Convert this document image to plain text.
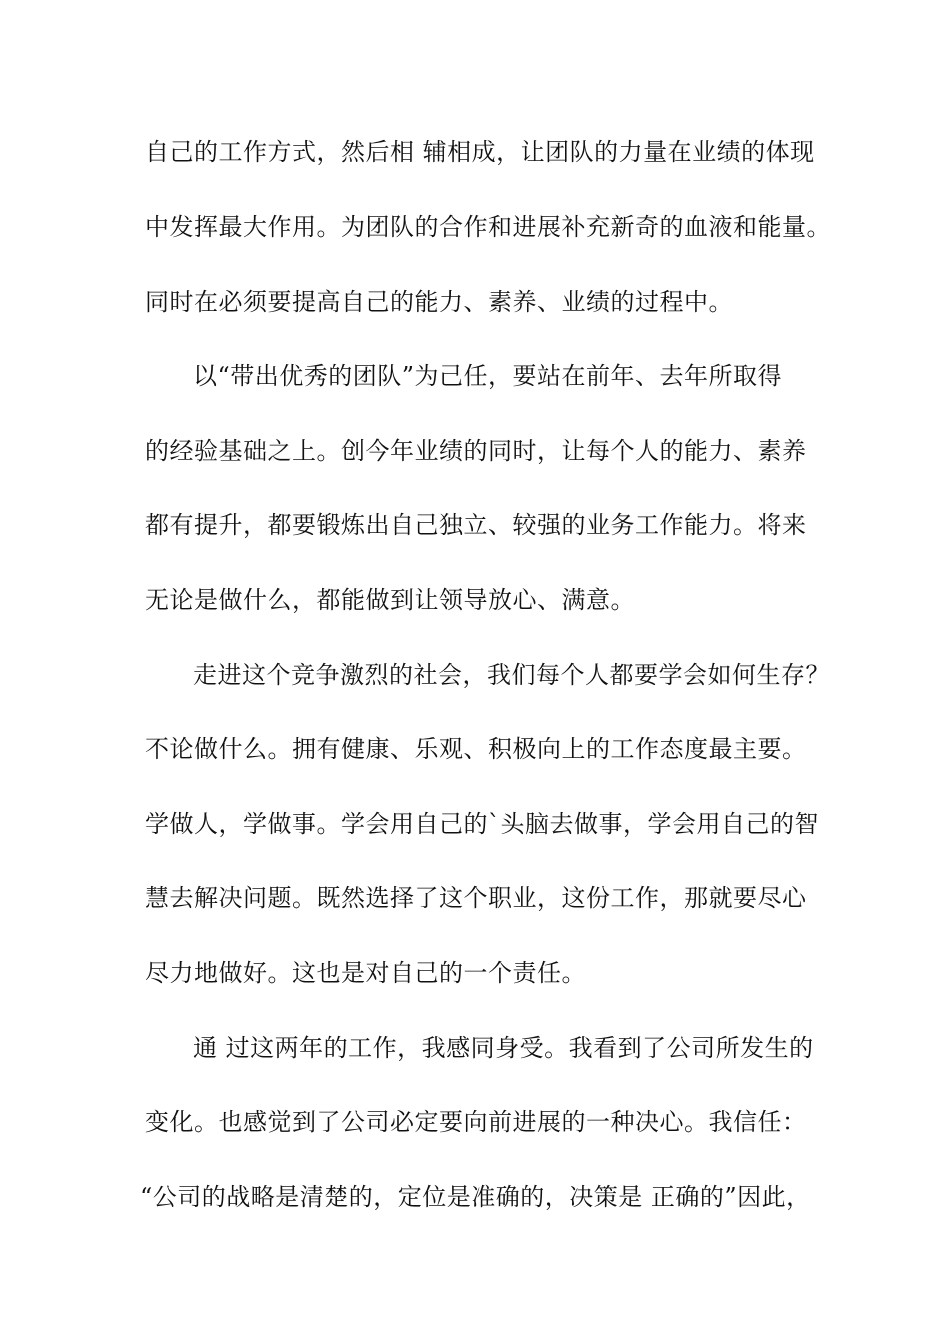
自己的工作方式，然后相 辅相成，让团队的力量在业绩的体现
中发挥最大作用。为团队的合作和进展补充新奇的血液和能量。
同时在必须要提高自己的能力、素养、业绩的过程中。
以“带出优秀的团队”为己任，要站在前年、去年所取得
的经验基础之上。创今年业绩的同时，让每个人的能力、素养
都有提升，都要锻炼出自己独立、较强的业务工作能力。将来
无论是做什么，都能做到让领导放心、满意。
走进这个竞争激烈的社会，我们每个人都要学会如何生存？
不论做什么。拥有健康、乐观、积极向上的工作态度最主要。
学做人，学做事。学会用自己的`头脑去做事，学会用自己的智
慧去解决问题。既然选择了这个职业，这份工作，那就要尽心
尽力地做好。这也是对自己的一个责任。
通 过这两年的工作，我感同身受。我看到了公司所发生的
变化。也感觉到了公司必定要向前进展的一种决心。我信任：
“公司的战略是清楚的，定位是准确的，决策是 正确的”因此，
